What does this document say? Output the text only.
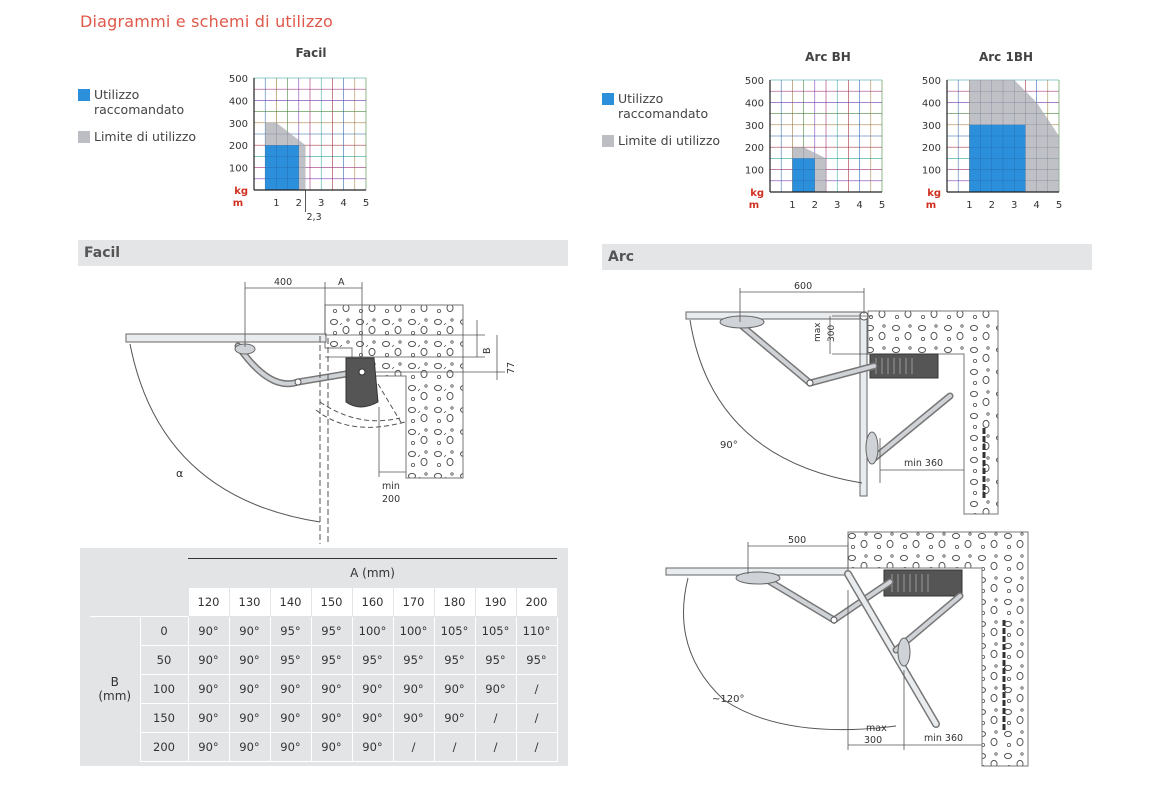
Diagrammi e schemi di utilizzo
Utilizzo raccomandato
Limite di utilizzo
Utilizzo raccomandato
Limite di utilizzo
Facil	Arc BH	Arc 1BH
100
200
300
400
500
kg
1 2 3 4 5
m
2,3
100
200
300
400
500
kg
1 2 3 4 5
m
100
200
300
400
500
kg
1 2 3 4 5
m
Facil	Arc
α
400	A
B
77
min
200
90°
600
max 300
min 360
~120°
500
max
300	min 360
		A (mm)								
		120	130	140	150	160	170	180	190	200

B
(mm)	0	90°	90°	95°	95°	100°	100°	105°	105°	110°
	50	90°	90°	95°	95°	95°	95°	95°	95°	95°
	100	90°	90°	90°	90°	90°	90°	90°	90°	/
	150	90°	90°	90°	90°	90°	90°	90°	/	/
	200	90°	90°	90°	90°	90°	/	/	/	/
